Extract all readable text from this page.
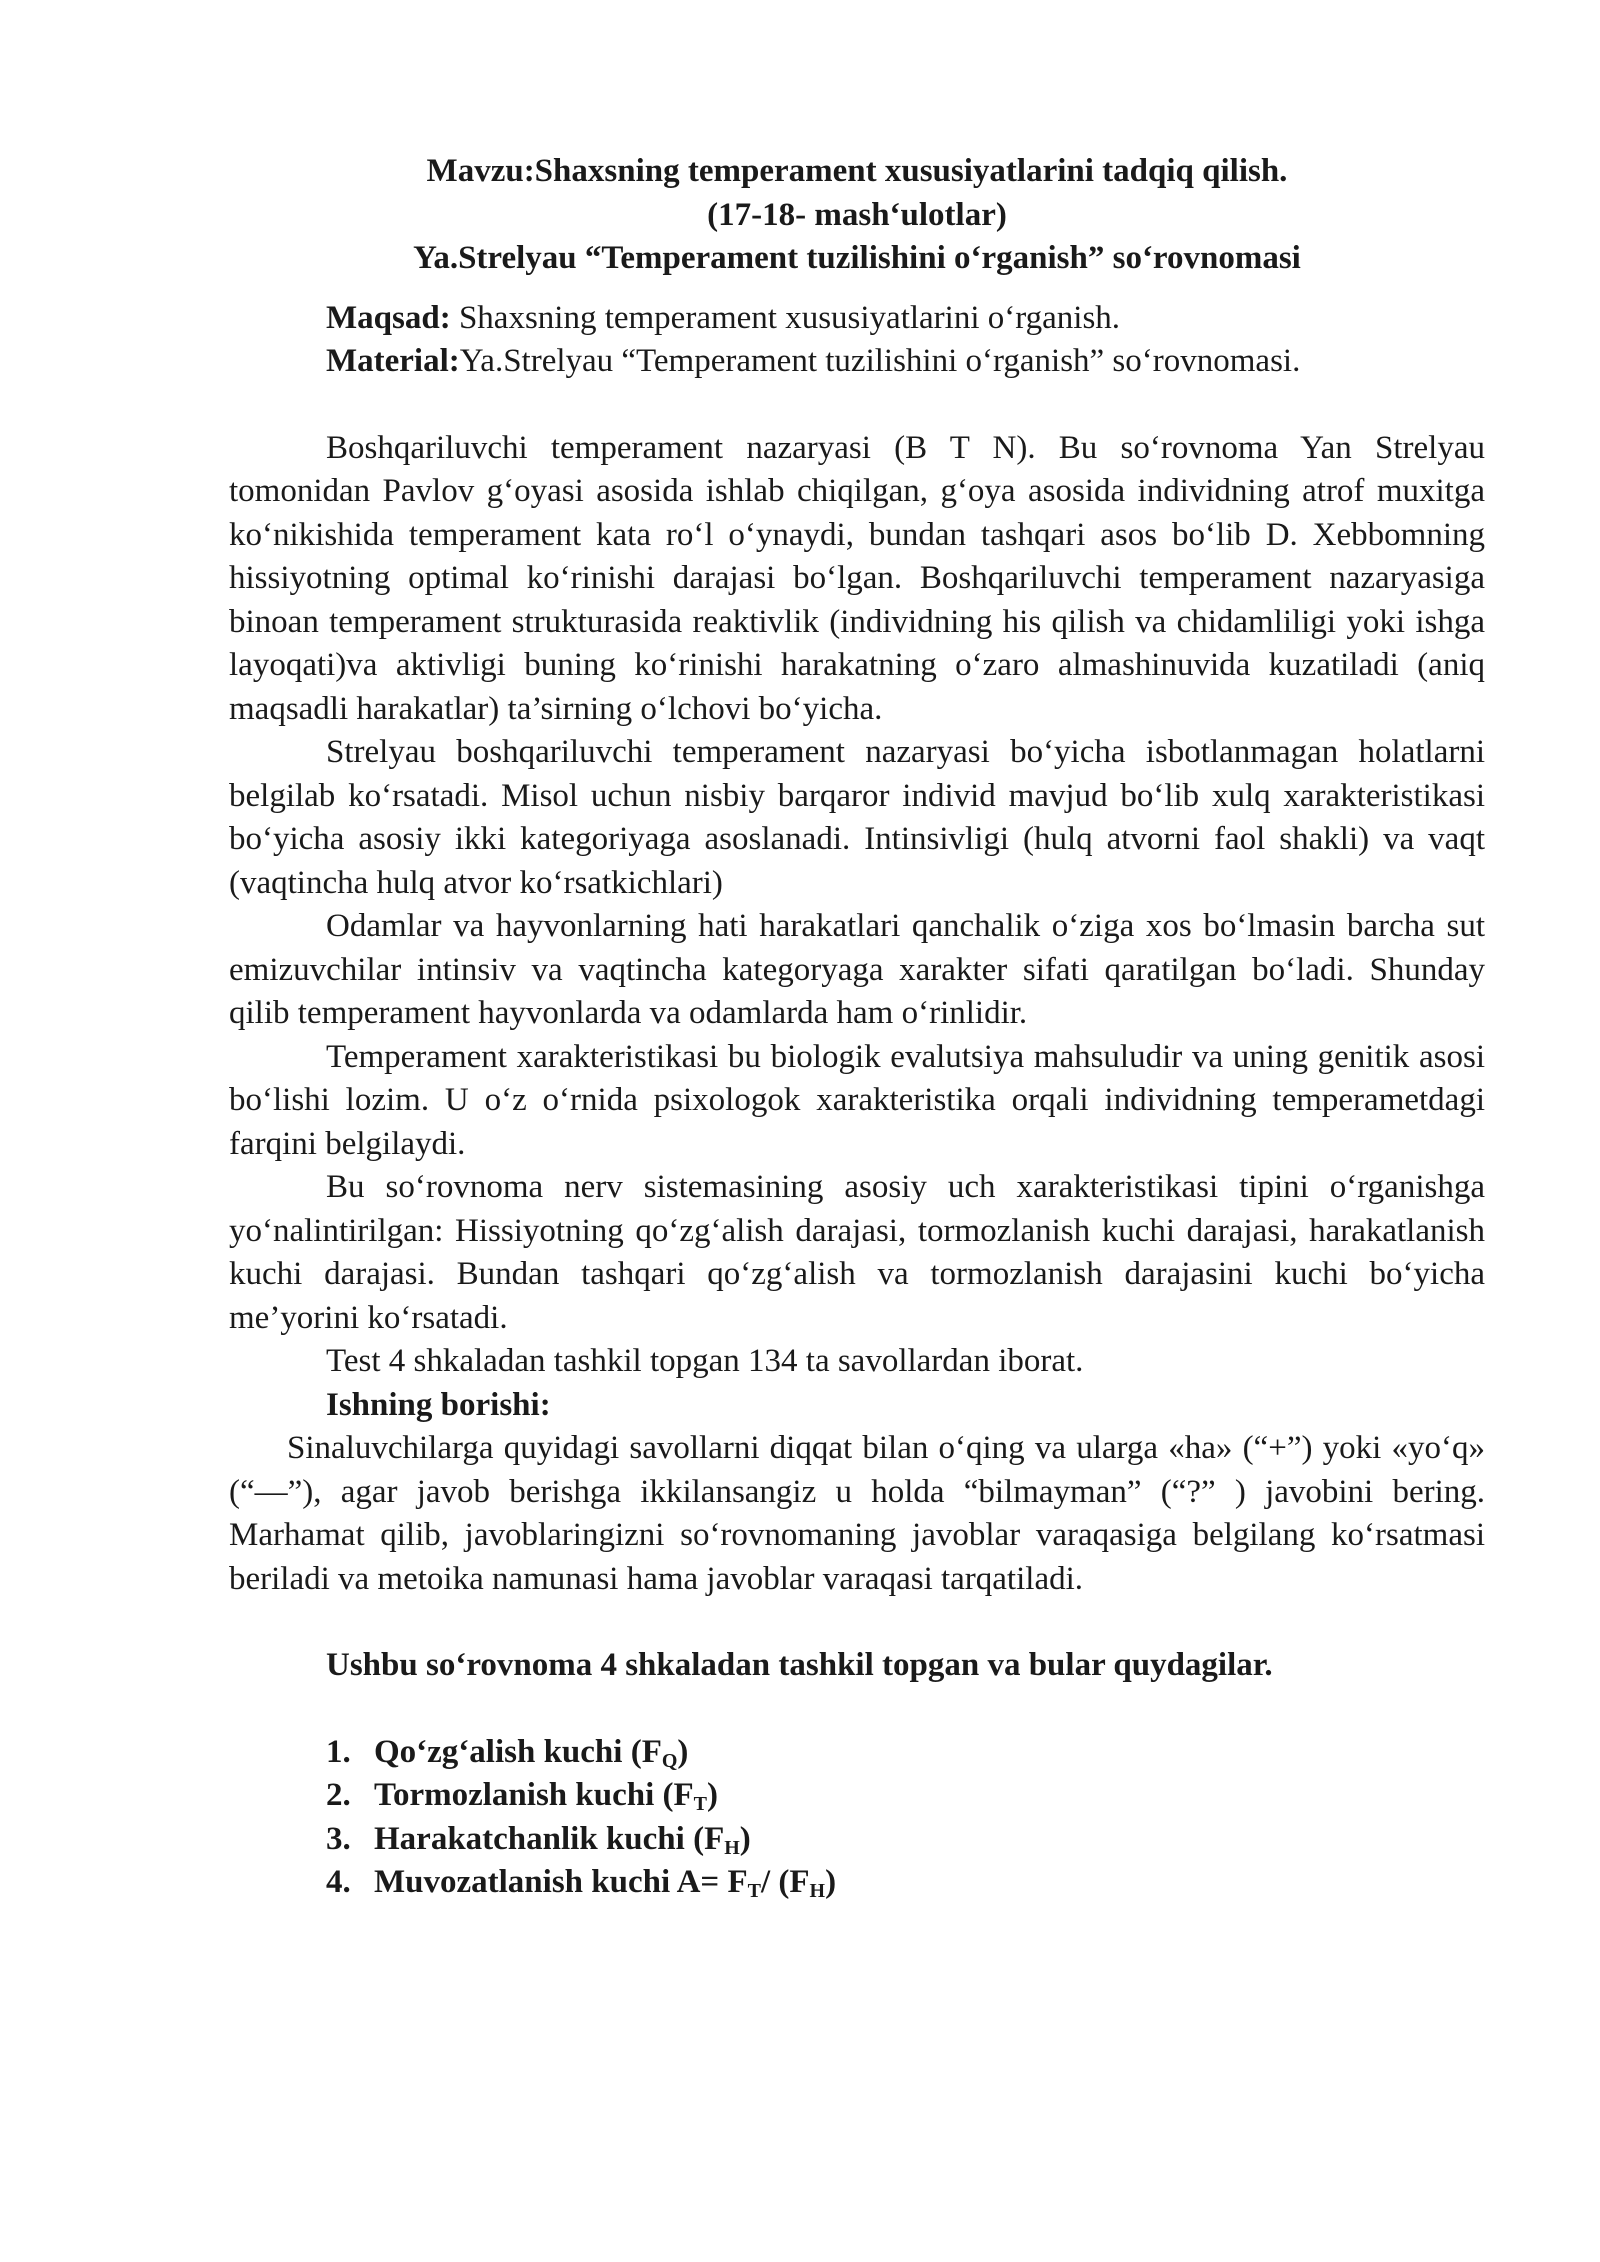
Mavzu:Shaxsning temperament xususiyatlarini tadqiq qilish.
(17-18- mash‘ulotlar)
Ya.Strelyau “Temperament tuzilishini o‘rganish” so‘rovnomasi
Maqsad: Shaxsning temperament xususiyatlarini o‘rganish.
Material:Ya.Strelyau “Temperament tuzilishini o‘rganish” so‘rovnomasi.

Boshqariluvchi temperament nazaryasi (B T N). Bu so‘rovnoma Yan Strelyau tomonidan Pavlov g‘oyasi asosida ishlab chiqilgan, g‘oya asosida individning atrof muxitga ko‘nikishida temperament kata ro‘l o‘ynaydi, bundan tashqari asos bo‘lib D. Xebbomning hissiyotning optimal ko‘rinishi darajasi bo‘lgan. Boshqariluvchi temperament nazaryasiga binoan temperament strukturasida reaktivlik (individning his qilish va chidamliligi yoki ishga layoqati)va aktivligi buning ko‘rinishi harakatning o‘zaro almashinuvida kuzatiladi (aniq maqsadli harakatlar) ta’sirning o‘lchovi bo‘yicha.

Strelyau boshqariluvchi temperament nazaryasi bo‘yicha isbotlanmagan holatlarni belgilab ko‘rsatadi. Misol uchun nisbiy barqaror individ mavjud bo‘lib xulq xarakteristikasi bo‘yicha asosiy ikki kategoriyaga asoslanadi. Intinsivligi (hulq atvorni faol shakli) va vaqt (vaqtincha hulq atvor ko‘rsatkichlari)

Odamlar va hayvonlarning hati harakatlari qanchalik o‘ziga xos bo‘lmasin barcha sut emizuvchilar intinsiv va vaqtincha kategoryaga xarakter sifati qaratilgan bo‘ladi. Shunday qilib temperament hayvonlarda va odamlarda ham o‘rinlidir.

Temperament xarakteristikasi bu biologik evalutsiya mahsuludir va uning genitik asosi bo‘lishi lozim. U o‘z o‘rnida psixologok xarakteristika orqali individning temperametdagi farqini belgilaydi.

Bu so‘rovnoma nerv sistemasining asosiy uch xarakteristikasi tipini o‘rganishga yo‘nalintirilgan: Hissiyotning qo‘zg‘alish darajasi, tormozlanish kuchi darajasi, harakatlanish kuchi darajasi. Bundan tashqari qo‘zg‘alish va tormozlanish darajasini kuchi bo‘yicha me’yorini ko‘rsatadi.

Test 4 shkaladan tashkil topgan 134 ta savollardan iborat.

Ishning borishi:

Sinaluvchilarga quyidagi savollarni diqqat bilan o‘qing va ularga «ha» (“+”) yoki «yo‘q» (“—”), agar javob berishga ikkilansangiz u holda “bilmayman” (“?” ) javobini bering. Marhamat qilib, javoblaringizni so‘rovnomaning javoblar varaqasiga belgilang ko‘rsatmasi beriladi va metoika namunasi hama javoblar varaqasi tarqatiladi.

Ushbu so‘rovnoma 4 shkaladan tashkil topgan va bular quydagilar.
1. Qo‘zg‘alish kuchi $(F_Q)$
2. Tormozlanish kuchi $(F_T)$
3. Harakatchanlik kuchi $(F_H)$
4. Muvozatlanish kuchi $A= F_T/$ $(F_H)$
